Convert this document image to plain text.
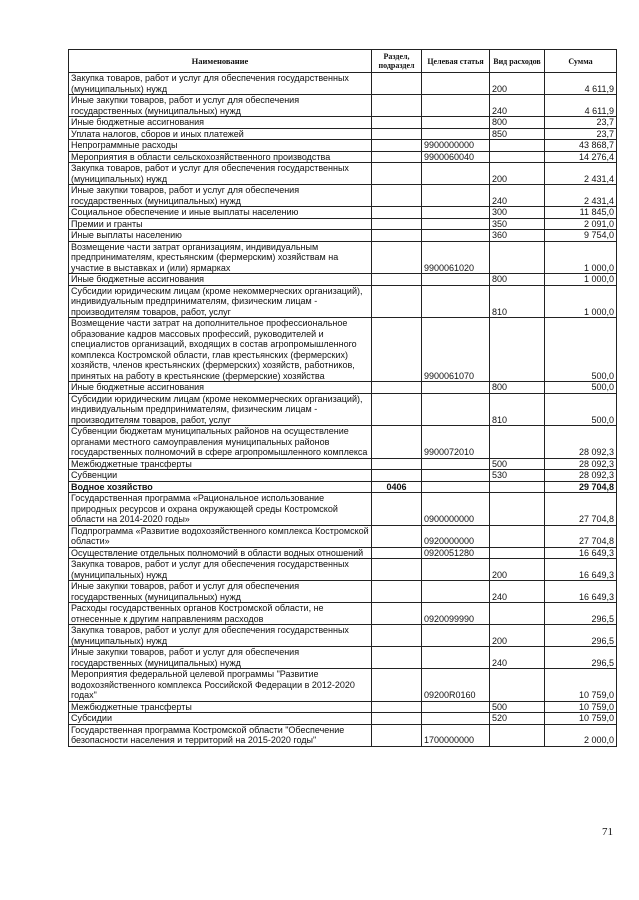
Наименование	Раздел, подраздел	Целевая статья	Вид расходов	Сумма
Закупка товаров, работ и услуг для обеспечения государственных (муниципальных) нужд			200	4 611,9
Иные закупки товаров, работ и услуг для обеспечения государственных (муниципальных) нужд			240	4 611,9
Иные бюджетные ассигнования			800	23,7
Уплата налогов, сборов и иных платежей			850	23,7
Непрограммные расходы		9900000000		43 868,7
Мероприятия в области сельскохозяйственного производства		9900060040		14 276,4
Закупка товаров, работ и услуг для обеспечения государственных (муниципальных) нужд			200	2 431,4
Иные закупки товаров, работ и услуг для обеспечения государственных (муниципальных) нужд			240	2 431,4
Социальное обеспечение и иные выплаты населению			300	11 845,0
Премии и гранты			350	2 091,0
Иные выплаты населению			360	9 754,0
Возмещение части затрат организациям, индивидуальным предпринимателям, крестьянским (фермерским) хозяйствам на участие в выставках и (или) ярмарках		9900061020		1 000,0
Иные бюджетные ассигнования			800	1 000,0
Субсидии юридическим лицам (кроме некоммерческих организаций), индивидуальным предпринимателям, физическим лицам - производителям товаров, работ, услуг			810	1 000,0
Возмещение части затрат на дополнительное профессиональное образование кадров массовых профессий, руководителей и специалистов организаций, входящих в состав агропромышленного комплекса Костромской области, глав крестьянских (фермерских) хозяйств, членов крестьянских (фермерских) хозяйств, работников, принятых на работу в крестьянские (фермерские) хозяйства		9900061070		500,0
Иные бюджетные ассигнования			800	500,0
Субсидии юридическим лицам (кроме некоммерческих организаций), индивидуальным предпринимателям, физическим лицам - производителям товаров, работ, услуг			810	500,0
Субвенции бюджетам муниципальных районов на осуществление органами местного самоуправления муниципальных районов государственных полномочий в сфере агропромышленного комплекса		9900072010		28 092,3
Межбюджетные трансферты			500	28 092,3
Субвенции			530	28 092,3
Водное хозяйство	0406			29 704,8
Государственная программа «Рациональное использование природных ресурсов и охрана окружающей среды Костромской области на 2014-2020 годы»		0900000000		27 704,8
Подпрограмма «Развитие водохозяйственного комплекса Костромской области»		0920000000		27 704,8
Осуществление отдельных полномочий в области водных отношений		0920051280		16 649,3
Закупка товаров, работ и услуг для обеспечения государственных (муниципальных) нужд			200	16 649,3
Иные закупки товаров, работ и услуг для обеспечения государственных (муниципальных) нужд			240	16 649,3
Расходы государственных органов Костромской области, не отнесенные к другим направлениям расходов		0920099990		296,5
Закупка товаров, работ и услуг для обеспечения государственных (муниципальных) нужд			200	296,5
Иные закупки товаров, работ и услуг для обеспечения государственных (муниципальных) нужд			240	296,5
Мероприятия федеральной целевой программы "Развитие водохозяйственного комплекса Российской Федерации в 2012-2020 годах"		09200R0160		10 759,0
Межбюджетные трансферты			500	10 759,0
Субсидии			520	10 759,0
Государственная программа Костромской области "Обеспечение безопасности населения и территорий на 2015-2020 годы"		1700000000		2 000,0
71
